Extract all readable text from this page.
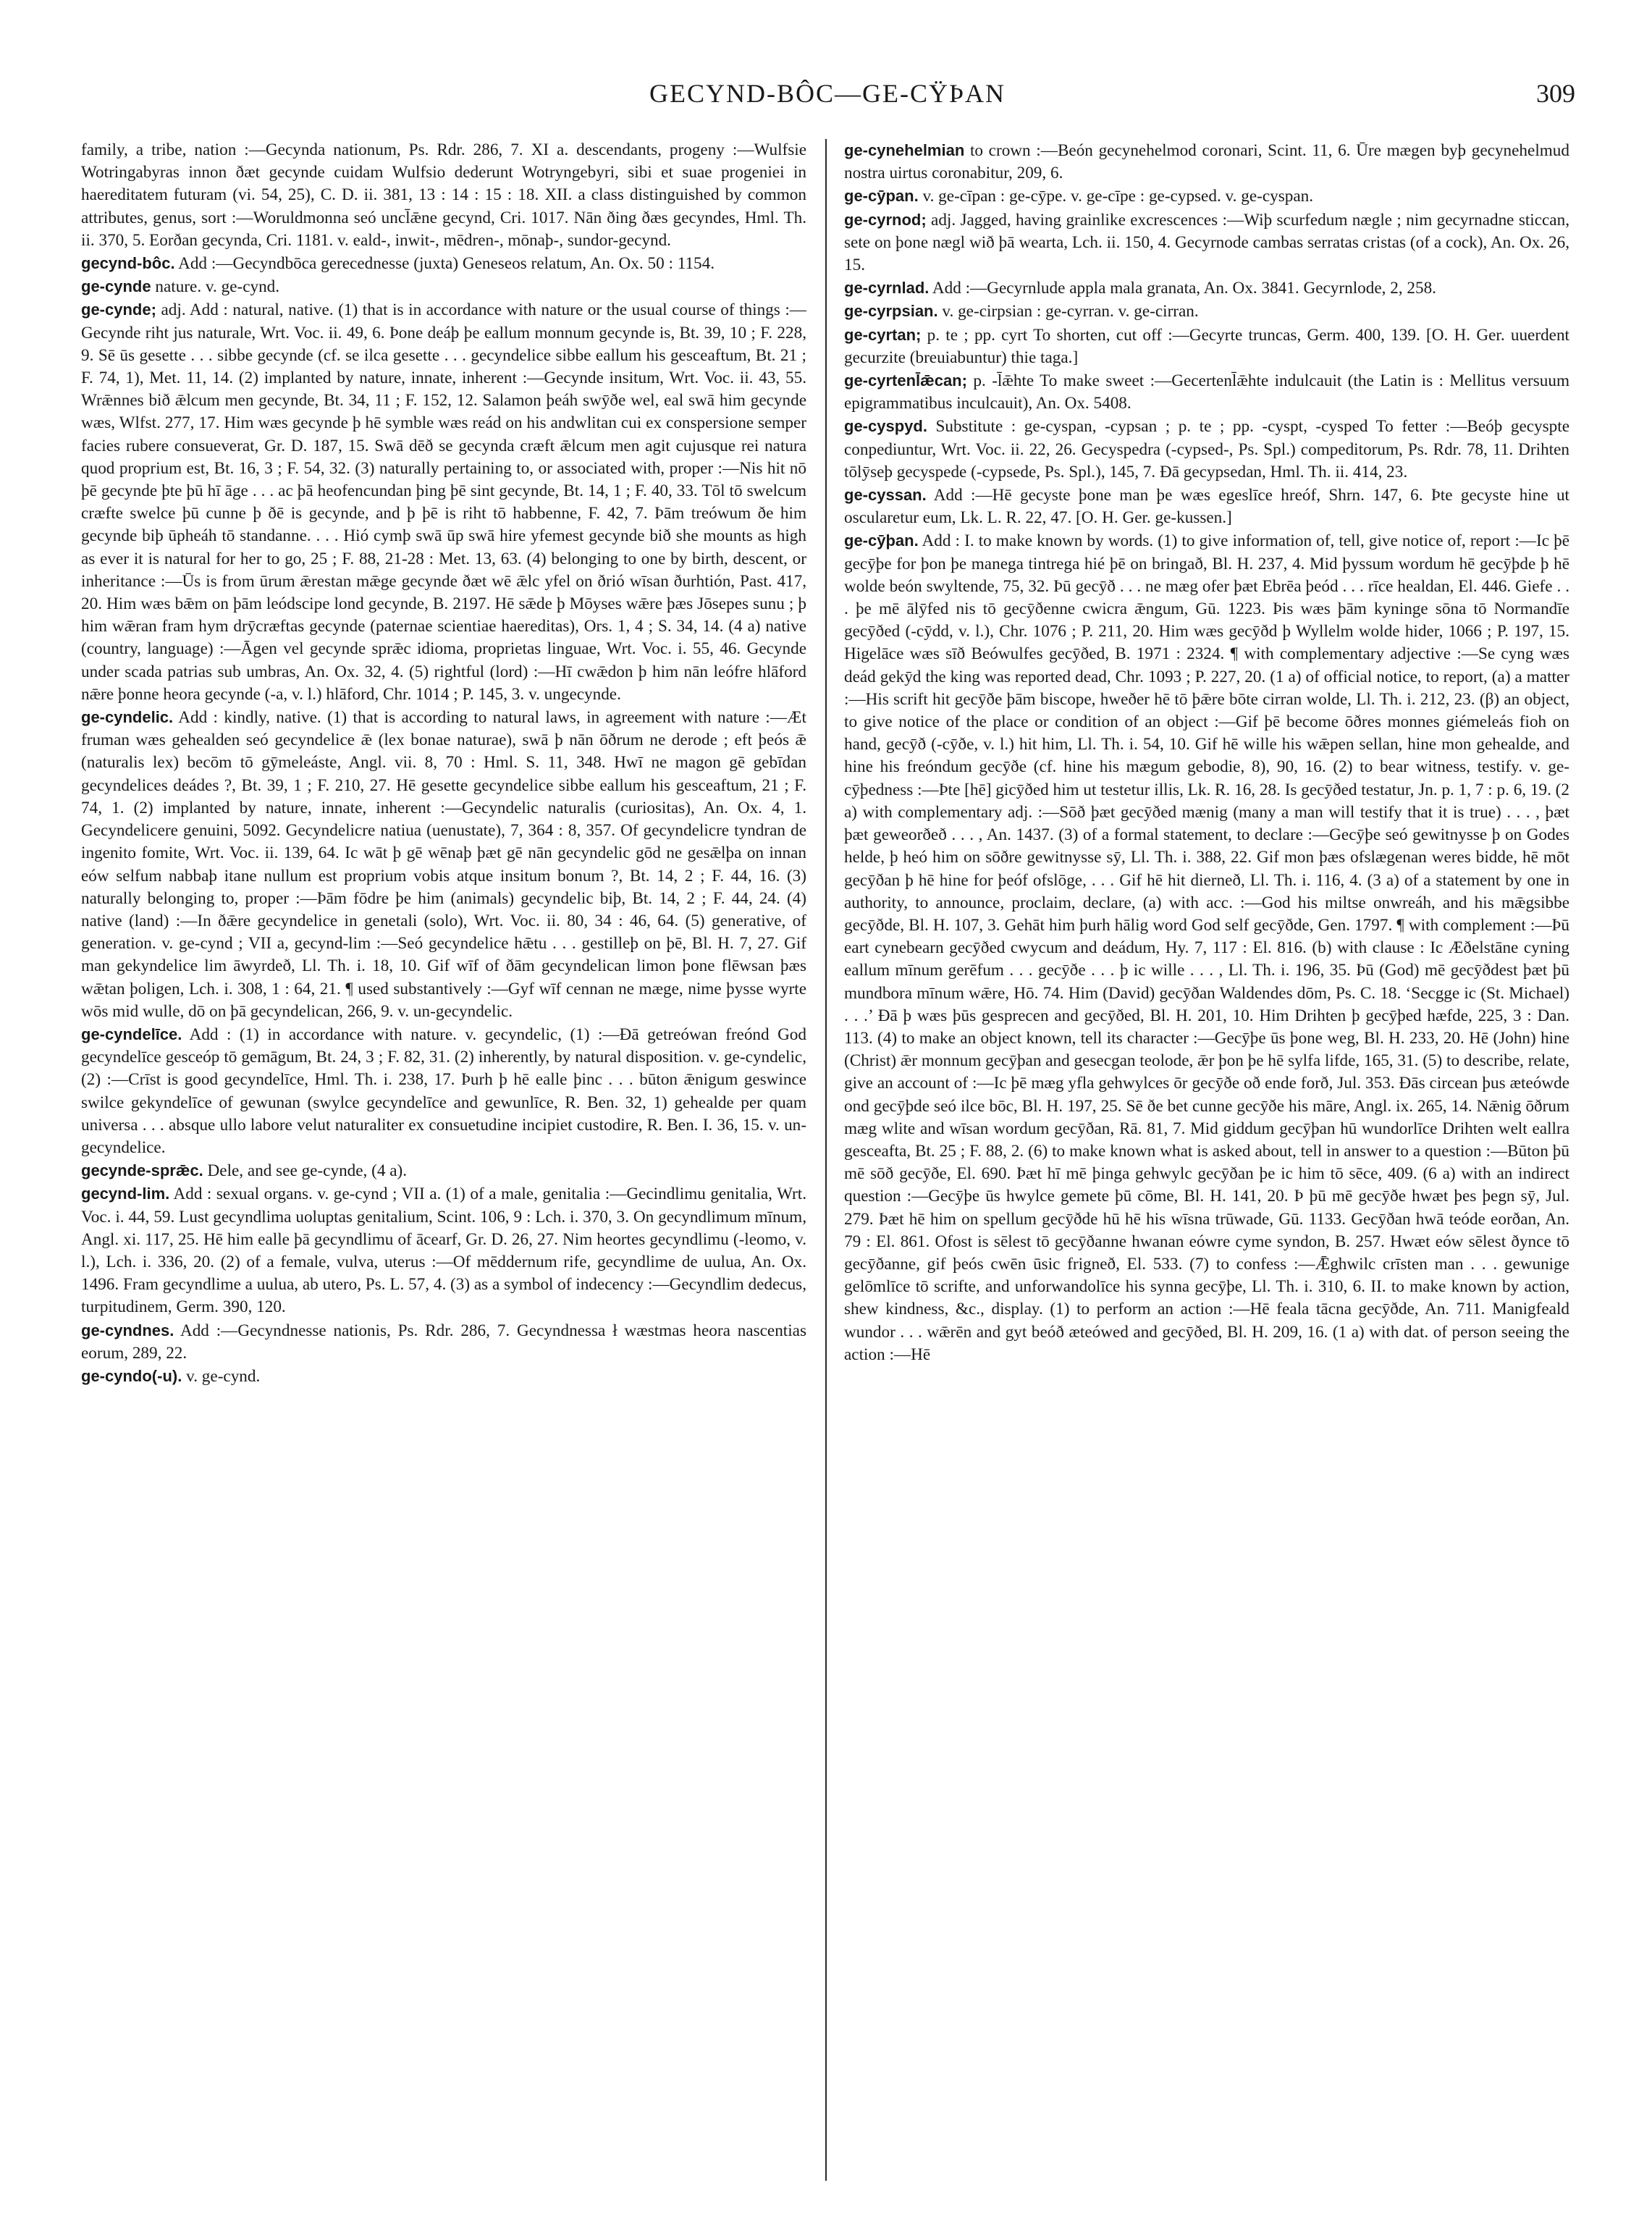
GECYND-BÔC—GE-CŸÞAN	309

family, a tribe, nation :—Gecynda nationum, Ps. Rdr. 286, 7. XI a. descendants, progeny :—Wulfsie Wotringabyras innon ðæt gecynde cuidam Wulfsio dederunt Wotryngebyri, sibi et suae progeniei in haereditatem futuram (vi. 54, 25), C. D. ii. 381, 13 : 14 : 15 : 18. XII. a class distinguished by common attributes, genus, sort :—Woruldmonna seó uncl̄ǣne gecynd, Cri. 1017. Nān ðing ðæs gecyndes, Hml. Th. ii. 370, 5. Eorðan gecynda, Cri. 1181. v. eald-, inwit-, mēdren-, mōnaþ-, sundor-gecynd.

gecynd-bôc. Add :—Gecyndbōca gerecednesse (juxta) Geneseos relatum, An. Ox. 50 : 1154.

ge-cynde nature. v. ge-cynd.

ge-cynde; adj. Add : natural, native. (1) that is in accordance with nature or the usual course of things :—Gecynde riht jus naturale, Wrt. Voc. ii. 49, 6. Þone deáþ þe eallum monnum gecynde is, Bt. 39, 10 ; F. 228, 9. Sē ūs gesette . . . sibbe gecynde (cf. se ilca gesette . . . gecyndelice sibbe eallum his gesceaftum, Bt. 21 ; F. 74, 1), Met. 11, 14. (2) implanted by nature, innate, inherent :—Gecynde insitum, Wrt. Voc. ii. 43, 55. Wrǣnnes bið ǣlcum men gecynde, Bt. 34, 11 ; F. 152, 12. Salamon þeáh swȳðe wel, eal swā him gecynde wæs, Wlfst. 277, 17. Him wæs gecynde þ hē symble wæs reád on his andwlitan cui ex conspersione semper facies rubere consueverat, Gr. D. 187, 15. Swā dēð se gecynda cræft ǣlcum men agit cujusque rei natura quod proprium est, Bt. 16, 3 ; F. 54, 32. (3) naturally pertaining to, or associated with, proper :—Nis hit nō þē gecynde þte þū hī āge . . . ac þā heofencundan þing þē sint gecynde, Bt. 14, 1 ; F. 40, 33. Tōl tō swelcum cræfte swelce þū cunne þ ðē is gecynde, and þ þē is riht tō habbenne, F. 42, 7. Þām treówum ðe him gecynde biþ ūpheáh tō standanne. . . . Hió cymþ swā ūp swā hire yfemest gecynde bið she mounts as high as ever it is natural for her to go, 25 ; F. 88, 21-28 : Met. 13, 63. (4) belonging to one by birth, descent, or inheritance :—Ūs is from ūrum ǣrestan mǣge gecynde ðæt wē ǣlc yfel on ðrió wīsan ðurhtión, Past. 417, 20. Him wæs bǣm on þām leódscipe lond gecynde, B. 2197. Hē sǣde þ Mōyses wǣre þæs Jōsepes sunu ; þ him wǣran fram hym drȳcræftas gecynde (paternae scientiae haereditas), Ors. 1, 4 ; S. 34, 14. (4 a) native (country, language) :—Āgen vel gecynde sprǣc idioma, proprietas linguae, Wrt. Voc. i. 55, 46. Gecynde under scada patrias sub umbras, An. Ox. 32, 4. (5) rightful (lord) :—Hī cwǣdon þ him nān leófre hlāford nǣre þonne heora gecynde (-a, v. l.) hlāford, Chr. 1014 ; P. 145, 3. v. ungecynde.

ge-cyndelic. Add : kindly, native. (1) that is according to natural laws, in agreement with nature :—Æt fruman wæs gehealden seó gecyndelice ǣ (lex bonae naturae), swā þ nān ōðrum ne derode ; eft þeós ǣ (naturalis lex) becōm tō gȳmeleáste, Angl. vii. 8, 70 : Hml. S. 11, 348. Hwī ne magon gē gebīdan gecyndelices deádes ?, Bt. 39, 1 ; F. 210, 27. Hē gesette gecyndelice sibbe eallum his gesceaftum, 21 ; F. 74, 1. (2) implanted by nature, innate, inherent :—Gecyndelic naturalis (curiositas), An. Ox. 4, 1. Gecyndelicere genuini, 5092. Gecyndelicre natiua (uenustate), 7, 364 : 8, 357. Of gecyndelicre tyndran de ingenito fomite, Wrt. Voc. ii. 139, 64. Ic wāt þ gē wēnaþ þæt gē nān gecyndelic gōd ne gesǣlþa on innan eów selfum nabbaþ itane nullum est proprium vobis atque insitum bonum ?, Bt. 14, 2 ; F. 44, 16. (3) naturally belonging to, proper :—Þām fōdre þe him (animals) gecyndelic biþ, Bt. 14, 2 ; F. 44, 24. (4) native (land) :—In ðǣre gecyndelice in genetali (solo), Wrt. Voc. ii. 80, 34 : 46, 64. (5) generative, of generation. v. ge-cynd ; VII a, gecynd-lim :—Seó gecyndelice hǣtu . . . gestilleþ on þē, Bl. H. 7, 27. Gif man gekyndelice lim āwyrdeð, Ll. Th. i. 18, 10. Gif wīf of ðām gecyndelican limon þone flēwsan þæs wǣtan þoligen, Lch. i. 308, 1 : 64, 21. ¶ used substantively :—Gyf wīf cennan ne mæge, nime þysse wyrte wōs mid wulle, dō on þā gecyndelican, 266, 9. v. un-gecyndelic.

ge-cyndelīce. Add : (1) in accordance with nature. v. gecyndelic, (1) :—Ðā getreówan freónd God gecyndelīce gesceóp tō gemāgum, Bt. 24, 3 ; F. 82, 31. (2) inherently, by natural disposition. v. ge-cyndelic, (2) :—Crīst is good gecyndelīce, Hml. Th. i. 238, 17. Þurh þ hē ealle þinc . . . būton ǣnigum geswince swilce gekyndelīce of gewunan (swylce gecyndelīce and gewunlīce, R. Ben. 32, 1) gehealde per quam universa . . . absque ullo labore velut naturaliter ex consuetudine incipiet custodire, R. Ben. I. 36, 15. v. un-gecyndelice.

gecynde-sprǣc. Dele, and see ge-cynde, (4 a).

gecynd-lim. Add : sexual organs. v. ge-cynd ; VII a. (1) of a male, genitalia :—Gecindlimu genitalia, Wrt. Voc. i. 44, 59. Lust gecyndlima uoluptas genitalium, Scint. 106, 9 : Lch. i. 370, 3. On gecyndlimum mīnum, Angl. xi. 117, 25. Hē him ealle þā gecyndlimu of ācearf, Gr. D. 26, 27. Nim heortes gecyndlimu (-leomo, v. l.), Lch. i. 336, 20. (2) of a female, vulva, uterus :—Of mēddernum rife, gecyndlime de uulua, An. Ox. 1496. Fram gecyndlime a uulua, ab utero, Ps. L. 57, 4. (3) as a symbol of indecency :—Gecyndlim dedecus, turpitudinem, Germ. 390, 120.

ge-cyndnes. Add :—Gecyndnesse nationis, Ps. Rdr. 286, 7. Gecyndnessa ł wæstmas heora nascentias eorum, 289, 22.

ge-cyndo(-u). v. ge-cynd.

ge-cynehelmian to crown :—Beón gecynehelmod coronari, Scint. 11, 6. Ūre mægen byþ gecynehelmud nostra uirtus coronabitur, 209, 6.

ge-cȳpan. v. ge-cīpan : ge-cȳpe. v. ge-cīpe : ge-cypsed. v. ge-cyspan.

ge-cyrnod; adj. Jagged, having grainlike excrescences :—Wiþ scurfedum nægle ; nim gecyrnadne sticcan, sete on þone nægl wið þā wearta, Lch. ii. 150, 4. Gecyrnode cambas serratas cristas (of a cock), An. Ox. 26, 15.

ge-cyrnlad. Add :—Gecyrnlude appla mala granata, An. Ox. 3841. Gecyrnlode, 2, 258.

ge-cyrpsian. v. ge-cirpsian : ge-cyrran. v. ge-cirran.

ge-cyrtan; p. te ; pp. cyrt To shorten, cut off :—Gecyrte truncas, Germ. 400, 139. [O. H. Ger. uuerdent gecurzite (breuiabuntur) thie taga.]

ge-cyrtenl̄ǣcan; p. -l̄ǣhte To make sweet :—Gecertenl̄ǣhte indulcauit (the Latin is : Mellitus versuum epigrammatibus inculcauit), An. Ox. 5408.

ge-cyspyd. Substitute : ge-cyspan, -cypsan ; p. te ; pp. -cyspt, -cysped To fetter :—Beóþ gecyspte conpediuntur, Wrt. Voc. ii. 22, 26. Gecyspedra (-cypsed-, Ps. Spl.) compeditorum, Ps. Rdr. 78, 11. Drihten tōlȳseþ gecyspede (-cypsede, Ps. Spl.), 145, 7. Ðā gecypsedan, Hml. Th. ii. 414, 23.

ge-cyssan. Add :—Hē gecyste þone man þe wæs egeslīce hreóf, Shrn. 147, 6. Þte gecyste hine ut oscularetur eum, Lk. L. R. 22, 47. [O. H. Ger. ge-kussen.]

ge-cȳþan. Add : I. to make known by words. (1) to give information of, tell, give notice of, report :—Ic þē gecȳþe for þon þe manega tintrega hié þē on bringað, Bl. H. 237, 4. Mid þyssum wordum hē gecȳþde þ hē wolde beón swyltende, 75, 32. Þū gecȳð . . . ne mæg ofer þæt Ebrēa þeód . . . rīce healdan, El. 446. Giefe . . . þe mē ālȳfed nis tō gecȳðenne cwicra ǣngum, Gū. 1223. Þis wæs þām kyninge sōna tō Normandīe gecȳðed (-cȳdd, v. l.), Chr. 1076 ; P. 211, 20. Him wæs gecȳðd þ Wyllelm wolde hider, 1066 ; P. 197, 15. Higelāce wæs sīð Beówulfes gecȳðed, B. 1971 : 2324. ¶ with complementary adjective :—Se cyng wæs deád gekȳd the king was reported dead, Chr. 1093 ; P. 227, 20. (1 a) of official notice, to report, (a) a matter :—His scrift hit gecȳðe þām biscope, hweðer hē tō þǣre bōte cirran wolde, Ll. Th. i. 212, 23. (β) an object, to give notice of the place or condition of an object :—Gif þē become ōðres monnes giémeleás fioh on hand, gecȳð (-cȳðe, v. l.) hit him, Ll. Th. i. 54, 10. Gif hē wille his wǣpen sellan, hine mon gehealde, and hine his freóndum gecȳðe (cf. hine his mægum gebodie, 8), 90, 16. (2) to bear witness, testify. v. ge-cȳþedness :—Þte [hē] gicȳðed him ut testetur illis, Lk. R. 16, 28. Is gecȳðed testatur, Jn. p. 1, 7 : p. 6, 19. (2 a) with complementary adj. :—Sōð þæt gecȳðed mænig (many a man will testify that it is true) . . . , þæt þæt geweorðeð . . . , An. 1437. (3) of a formal statement, to declare :—Gecȳþe seó gewitnysse þ on Godes helde, þ heó him on sōðre gewitnysse sȳ, Ll. Th. i. 388, 22. Gif mon þæs ofslægenan weres bidde, hē mōt gecȳðan þ hē hine for þeóf ofslōge, . . . Gif hē hit dierneð, Ll. Th. i. 116, 4. (3 a) of a statement by one in authority, to announce, proclaim, declare, (a) with acc. :—God his miltse onwreáh, and his mǣgsibbe gecȳðde, Bl. H. 107, 3. Gehāt him þurh hālig word God self gecȳðde, Gen. 1797. ¶ with complement :—Þū eart cynebearn gecȳðed cwycum and deádum, Hy. 7, 117 : El. 816. (b) with clause : Ic Æðelstāne cyning eallum mīnum gerēfum . . . gecȳðe . . . þ ic wille . . . , Ll. Th. i. 196, 35. Þū (God) mē gecȳðdest þæt þū mundbora mīnum wǣre, Hō. 74. Him (David) gecȳðan Waldendes dōm, Ps. C. 18. ‘Secgge ic (St. Michael) . . .’ Ðā þ wæs þūs gesprecen and gecȳðed, Bl. H. 201, 10. Him Drihten þ gecȳþed hæfde, 225, 3 : Dan. 113. (4) to make an object known, tell its character :—Gecȳþe ūs þone weg, Bl. H. 233, 20. Hē (John) hine (Christ) ǣr monnum gecȳþan and gesecgan teolode, ǣr þon þe hē sylfa lifde, 165, 31. (5) to describe, relate, give an account of :—Ic þē mæg yfla gehwylces ōr gecȳðe oð ende forð, Jul. 353. Ðās circean þus æteówde ond gecȳþde seó ilce bōc, Bl. H. 197, 25. Sē ðe bet cunne gecȳðe his māre, Angl. ix. 265, 14. Nǣnig ōðrum mæg wlite and wīsan wordum gecȳðan, Rā. 81, 7. Mid giddum gecȳþan hū wundorlīce Drihten welt eallra gesceafta, Bt. 25 ; F. 88, 2. (6) to make known what is asked about, tell in answer to a question :—Būton þū mē sōð gecȳðe, El. 690. Þæt hī mē þinga gehwylc gecȳðan þe ic him tō sēce, 409. (6 a) with an indirect question :—Gecȳþe ūs hwylce gemete þū cōme, Bl. H. 141, 20. Þ þū mē gecȳðe hwæt þes þegn sȳ, Jul. 279. Þæt hē him on spellum gecȳðde hū hē his wīsna trūwade, Gū. 1133. Gecȳðan hwā teóde eorðan, An. 79 : El. 861. Ofost is sēlest tō gecȳðanne hwanan eówre cyme syndon, B. 257. Hwæt eów sēlest ðynce tō gecȳðanne, gif þeós cwēn ūsic frigneð, El. 533. (7) to confess :—Ǣghwilc crīsten man . . . gewunige gelōmlīce tō scrifte, and unforwandolīce his synna gecȳþe, Ll. Th. i. 310, 6. II. to make known by action, shew kindness, &c., display. (1) to perform an action :—Hē feala tācna gecȳðde, An. 711. Manigfeald wundor . . . wǣrēn and gyt beóð æteówed and gecȳðed, Bl. H. 209, 16. (1 a) with dat. of person seeing the action :—Hē
